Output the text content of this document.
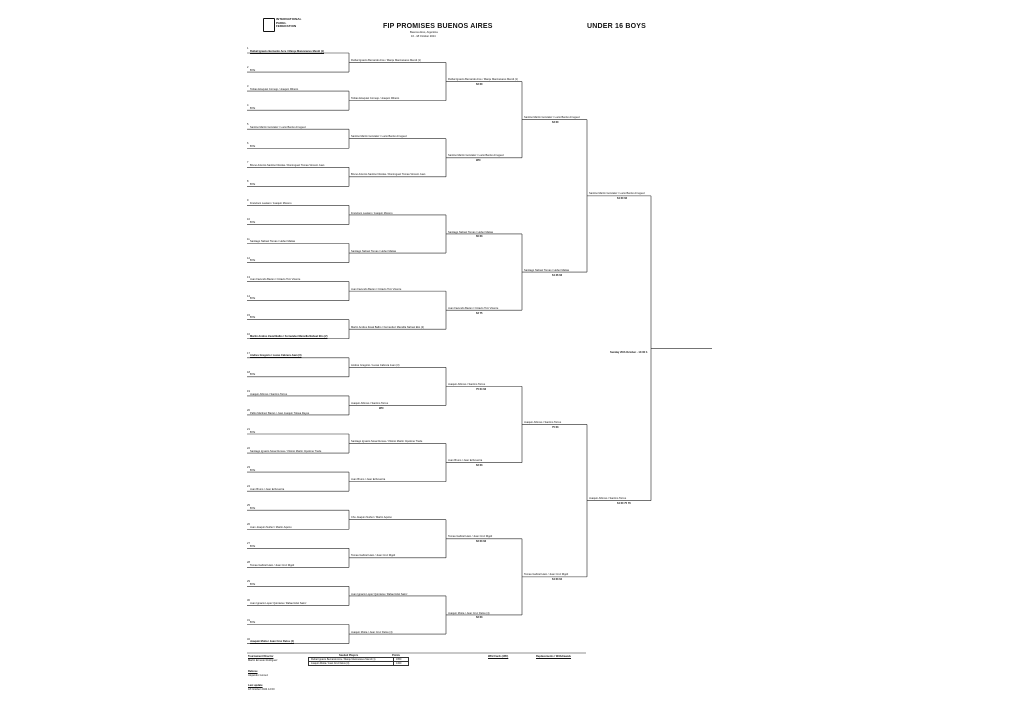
INTERNATIONAL
PADEL
FEDERATION	FIP PROMISES BUENOS AIRES
Buenos Aires, Argentina
16 - 18 October 2024
UNDER 16 BOYS
1
Ruibal Ignacio Bernardo Arce / Marqu Manzanares Mendi (1)
2
BYE
3
Tobias Ezequiel Cornejo / Joaquin Ribeiro
4
BYE
5
Santino Martin Gonzalez / Lucio Benito Arruguez
6
BYE
7
Bruno Antonio Santino Nicolas / Dominguez Tomas Vincent Juan
8
BYE
9
Francisco Lautaro / Joaquin Moreno
10
BYE
11
Santiago Nahuel Tomas / Heber Matias
12
BYE
13
Juan Facundo Bazan / Octavio Tizo Vicente
14
BYE
15
BYE
16
Martin Andres Zaval Balbo / Fernandez Mansilla Nahuel Elio (2)
17
Andres Gregorio / Lucas Cabrera Juan (3)
18
BYE
19
Joaquin Alfonso / Santino Torres
20
Pablo Martinez Bazan / Juan Joaquin Tolosa Reyes
21
BYE
22
Santiago Ignacio Sosa Dumas / Vittorio Martin Cipolone Trede
23
BYE
24
Juan Bruno / Juan Echeverria
25
BYE
26
Juan Joaquin Nuñez / Martin Aquino
27
BYE
28
Tomas Gabriel Haro / Juan Cruz Rigoli
29
BYE
30
Juan Ignacio Lopez Quintana / Rafael Ariel Sainz
31
BYE
32
Joaquin Motta / Juan Cruz Delos (4)
Ruibal Ignacio Bernardo Arce / Marqu Manzanares Mendi (1)
Tobias Ezequiel Cornejo / Joaquin Ribeiro
Santino Martin Gonzalez / Lucio Benito Arruguez
Bruno Antonio Santino Nicolas / Dominguez Tomas Vincent Juan
Francisco Lautaro / Joaquin Moreno
Santiago Nahuel Tomas / Heber Matias
Juan Facundo Bazan / Octavio Tizo Vicente
Martin Andres Zaval Balbo / Fernandez Mansilla Nahuel Elio (2)
Andres Gregorio / Lucas Cabrera Juan (3)
Joaquin Alfonso / Santino Torres
WO
Santiago Ignacio Sosa Dumas / Vittorio Martin Cipolone Trede
Juan Bruno / Juan Echeverria
Chu Joaquin Nuñez / Martin Aquino
Tomas Gabriel Haro / Juan Cruz Rigoli
Juan Ignacio Lopez Quintana / Rafael Ariel Sainz
Joaquin Motta / Juan Cruz Delos (4)
Ruibal Ignacio Bernardo Arce / Marqu Manzanares Mendi (1)
62 60
Santino Martin Gonzalez / Lucio Benito Arruguez
WO
Santiago Nahuel Tomas / Heber Matias
60 63
Juan Facundo Bazan / Octavio Tizo Vicente
63 75
Joaquin Alfonso / Santino Torres
75 64 63
Juan Bruno / Juan Echeverria
62 63
Tomas Gabriel Haro / Juan Cruz Rigoli
62 63 63
Joaquin Motta / Juan Cruz Delos (4)
62 63
Santino Martin Gonzalez / Lucio Benito Arruguez
63 60
Santiago Nahuel Tomas / Heber Matias
64 36 63
Joaquin Alfonso / Santino Torres
75 63
Tomas Gabriel Haro / Juan Cruz Rigoli
64 63 64
Santino Martin Gonzalez / Lucio Benito Arruguez
64 60 62
Joaquin Alfonso / Santino Torres
64 60 75 76
Sunday 20th October - 14:30 h
Tournament Director
Martin Ernesto Rodriguez
Referee
Alejandro Gomez
Last update
18 October 2024 12:00
Seeded Players	Points
Ruibal Ignacio Bernardo Arce / Marqu Manzanares Mendi (1)	1650
Joaquin Motta / Juan Cruz Delos (4)	1320
Wild Cards (WC)	Replacements / Withdrawals
